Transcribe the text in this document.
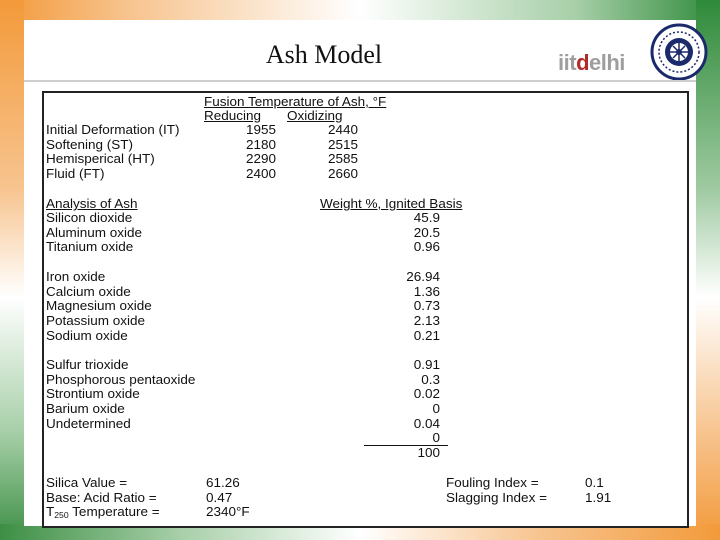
Ash Model	iitdelhi
Fusion Temperature of Ash, °F
Reducing Oxidizing
Initial Deformation (IT)	1955	2440
Softening (ST)	2180	2515
Hemisperical (HT)	2290	2585
Fluid (FT)	2400	2660
Analysis of Ash	Weight %, Ignited Basis
Silicon dioxide	45.9
Aluminum oxide	20.5
Titanium oxide	0.96
Iron oxide	26.94
Calcium oxide	1.36
Magnesium oxide	0.73
Potassium oxide	2.13
Sodium oxide	0.21
Sulfur trioxide	0.91
Phosphorous pentaoxide	0.3
Strontium oxide	0.02
Barium oxide	0
Undetermined	0.04
0
100
Silica Value =	61.26
Base: Acid Ratio =	0.47
$T_{250}$ Temperature =	2340°F
Fouling Index =	0.1
Slagging Index =	1.91
